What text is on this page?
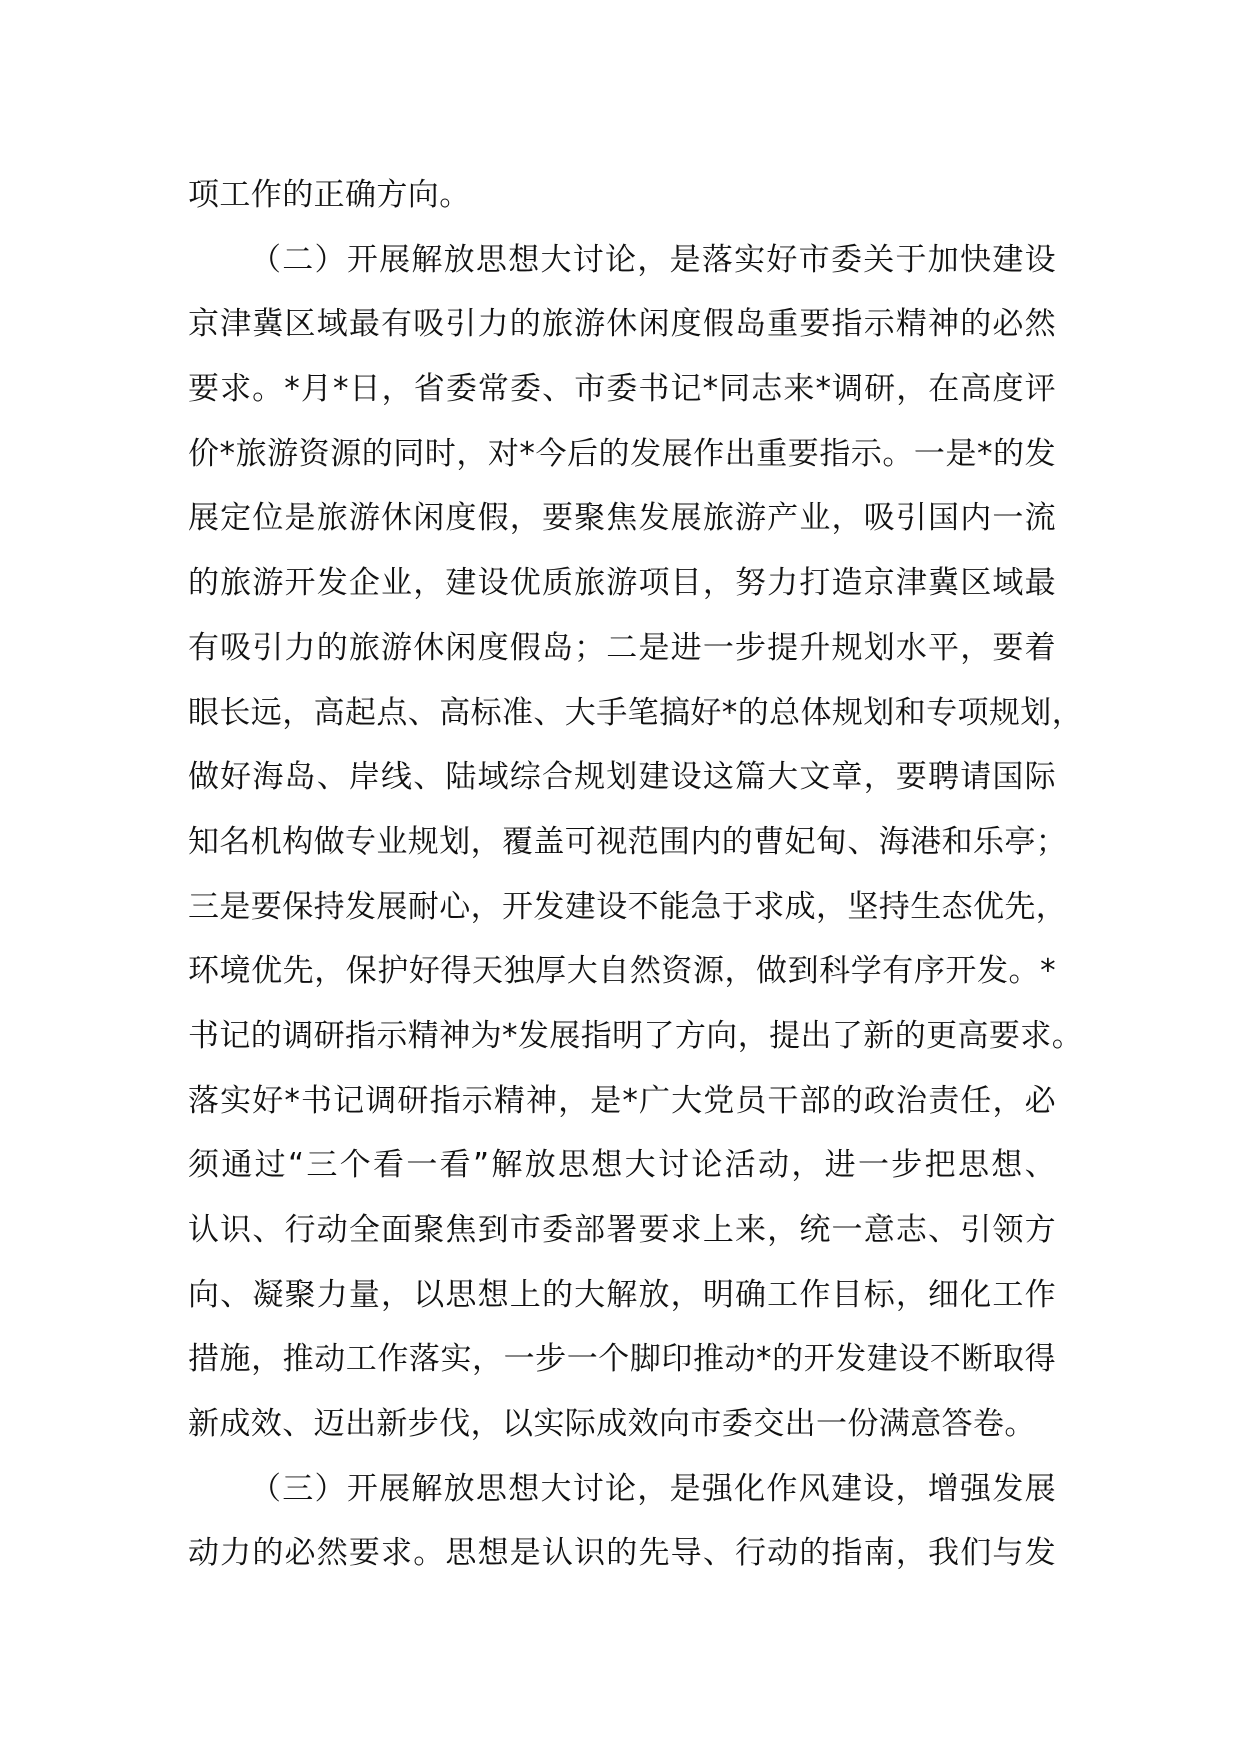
项工作的正确方向。
（二）开展解放思想大讨论，是落实好市委关于加快建设
京津冀区域最有吸引力的旅游休闲度假岛重要指示精神的必然
要求。*月*日，省委常委、市委书记*同志来*调研，在高度评
价*旅游资源的同时，对*今后的发展作出重要指示。一是*的发
展定位是旅游休闲度假，要聚焦发展旅游产业，吸引国内一流
的旅游开发企业，建设优质旅游项目，努力打造京津冀区域最
有吸引力的旅游休闲度假岛；二是进一步提升规划水平，要着
眼长远，高起点、高标准、大手笔搞好*的总体规划和专项规划，
做好海岛、岸线、陆域综合规划建设这篇大文章，要聘请国际
知名机构做专业规划，覆盖可视范围内的曹妃甸、海港和乐亭；
三是要保持发展耐心，开发建设不能急于求成，坚持生态优先，
环境优先，保护好得天独厚大自然资源，做到科学有序开发。*
书记的调研指示精神为*发展指明了方向，提出了新的更高要求。
落实好*书记调研指示精神，是*广大党员干部的政治责任，必
须通过“三个看一看”解放思想大讨论活动，进一步把思想、
认识、行动全面聚焦到市委部署要求上来，统一意志、引领方
向、凝聚力量，以思想上的大解放，明确工作目标，细化工作
措施，推动工作落实，一步一个脚印推动*的开发建设不断取得
新成效、迈出新步伐，以实际成效向市委交出一份满意答卷。
（三）开展解放思想大讨论，是强化作风建设，增强发展
动力的必然要求。思想是认识的先导、行动的指南，我们与发
